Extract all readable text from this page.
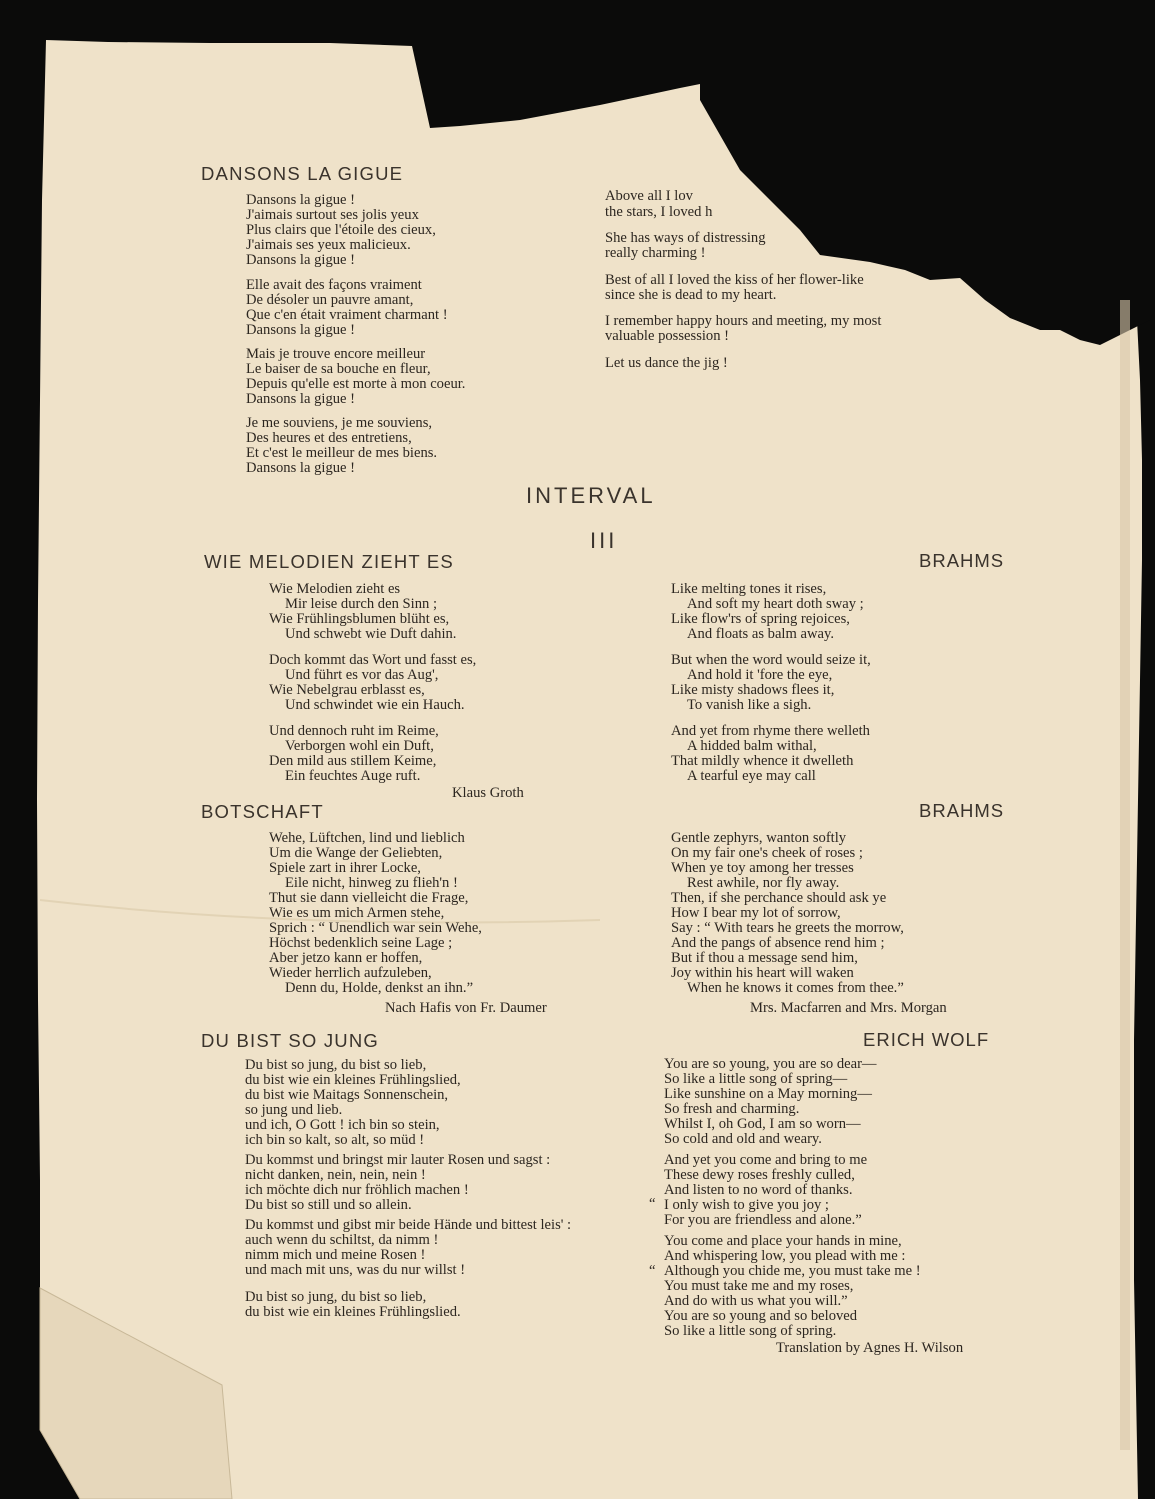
DANSONS LA GIGUE
Dansons la gigue !
J'aimais surtout ses jolis yeux
Plus clairs que l'étoile des cieux,
J'aimais ses yeux malicieux.
Dansons la gigue !
Elle avait des façons vraiment
De désoler un pauvre amant,
Que c'en était vraiment charmant !
Dansons la gigue !
Mais je trouve encore meilleur
Le baiser de sa bouche en fleur,
Depuis qu'elle est morte à mon coeur.
Dansons la gigue !
Je me souviens, je me souviens,
Des heures et des entretiens,
Et c'est le meilleur de mes biens.
Dansons la gigue !
Above all I lov
the stars, I loved h
She has ways of distressing
really charming !
Best of all I loved the kiss of her flower-like
since she is dead to my heart.
I remember happy hours and meeting, my most
valuable possession !
Let us dance the jig !
INTERVAL
III
WIE MELODIEN ZIEHT ES	BRAHMS
Wie Melodien zieht es
Mir leise durch den Sinn ;
Wie Frühlingsblumen blüht es,
Und schwebt wie Duft dahin.
Doch kommt das Wort und fasst es,
Und führt es vor das Aug',
Wie Nebelgrau erblasst es,
Und schwindet wie ein Hauch.
Und dennoch ruht im Reime,
Verborgen wohl ein Duft,
Den mild aus stillem Keime,
Ein feuchtes Auge ruft.
Like melting tones it rises,
And soft my heart doth sway ;
Like flow'rs of spring rejoices,
And floats as balm away.
But when the word would seize it,
And hold it 'fore the eye,
Like misty shadows flees it,
To vanish like a sigh.
And yet from rhyme there welleth
A hidded balm withal,
That mildly whence it dwelleth
A tearful eye may call
Klaus Groth
BOTSCHAFT	BRAHMS
Wehe, Lüftchen, lind und lieblich
Um die Wange der Geliebten,
Spiele zart in ihrer Locke,
Eile nicht, hinweg zu flieh'n !
Thut sie dann vielleicht die Frage,
Wie es um mich Armen stehe,
Sprich : “ Unendlich war sein Wehe,
Höchst bedenklich seine Lage ;
Aber jetzo kann er hoffen,
Wieder herrlich aufzuleben,
Denn du, Holde, denkst an ihn.”
Gentle zephyrs, wanton softly
On my fair one's cheek of roses ;
When ye toy among her tresses
Rest awhile, nor fly away.
Then, if she perchance should ask ye
How I bear my lot of sorrow,
Say : “ With tears he greets the morrow,
And the pangs of absence rend him ;
But if thou a message send him,
Joy within his heart will waken
When he knows it comes from thee.”
Nach Hafis von Fr. Daumer	Mrs. Macfarren and Mrs. Morgan
DU BIST SO JUNG	ERICH WOLF
Du bist so jung, du bist so lieb,
du bist wie ein kleines Frühlingslied,
du bist wie Maitags Sonnenschein,
so jung und lieb.
und ich, O Gott ! ich bin so stein,
ich bin so kalt, so alt, so müd !
Du kommst und bringst mir lauter Rosen und sagst :
nicht danken, nein, nein, nein !
ich möchte dich nur fröhlich machen !
Du bist so still und so allein.
Du kommst und gibst mir beide Hände und bittest leis' :
auch wenn du schiltst, da nimm !
nimm mich und meine Rosen !
und mach mit uns, was du nur willst !
Du bist so jung, du bist so lieb,
du bist wie ein kleines Frühlingslied.
You are so young, you are so dear—
So like a little song of spring—
Like sunshine on a May morning—
So fresh and charming.
Whilst I, oh God, I am so worn—
So cold and old and weary.
And yet you come and bring to me
These dewy roses freshly culled,
And listen to no word of thanks.
I only wish to give you joy ;
For you are friendless and alone.”
You come and place your hands in mine,
And whispering low, you plead with me :
Although you chide me, you must take me !
You must take me and my roses,
And do with us what you will.”
You are so young and so beloved
So like a little song of spring.
“
“
Translation by Agnes H. Wilson
